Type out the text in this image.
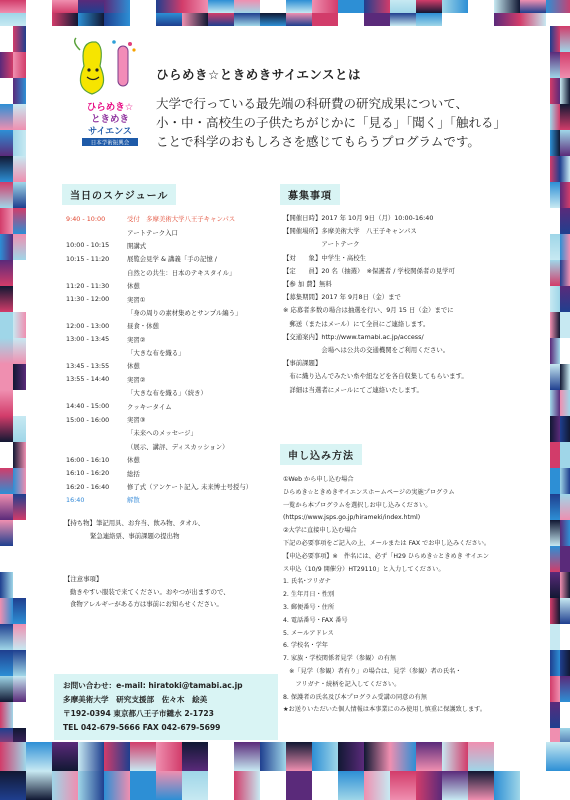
ひらめき☆
ときめき
サイエンス
日本学術振興会
ひらめき☆ときめきサイエンスとは
大学で行っている最先端の科研費の研究成果について、
小・中・高校生の子供たちがじかに「見る」「聞く」「触れる」
ことで科学のおもしろさを感じてもらうプログラムです。
当日のスケジュール
9:40 - 10:00	受付　多摩美術大学八王子キャンパス
アートテーク入口
10:00 - 10:15	開講式
10:15 - 11:20	展覧会見学 & 講義「手の記憶 /
自然との共生：日本のテキスタイル」
11:20 - 11:30	休憩
11:30 - 12:00	実習①
「身の周りの素材集めとサンプル編う」
12:00 - 13:00	昼食・休憩
13:00 - 13:45	実習②
「大きな布を織る」
13:45 - 13:55	休憩
13:55 - 14:40	実習②
「大きな布を織る」（続き）
14:40 - 15:00	クッキータイム
15:00 - 16:00	実習③
「未来へのメッセージ」
（展示、講評、ディスカッション）
16:00 - 16:10	休憩
16:10 - 16:20	総括
16:20 - 16:40	修了式（アンケート記入, 未来博士号授与）
16:40	解散
【持ち物】筆記用具、お弁当、飲み物、タオル、
緊急連絡票、事前課題の提出物
【注意事項】
動きやすい服装で来てください。おやつが出ますので、
食物アレルギーがある方は事前にお知らせください。
お問い合わせ：e-mail: hiratoki@tamabi.ac.jp
多摩美術大学　研究支援部　佐々木　絵美
〒192-0394 東京都八王子市鑓水 2-1723
TEL 042-679-5666 FAX 042-679-5699
募集事項
【開催日時】2017 年 10月 9日（月）10:00-16:40
【開催場所】多摩美術大学　八王子キャンパス
　　　　　　アートテーク
【対　　象】中学生・高校生
【定　　員】20 名（抽選）　※保護者 / 学校関係者の見学可
【参 加 費】無料
【募集期間】2017 年 9月8日（金）まで
※ 応募者多数の場合は抽選を行い、9月 15 日（金）までに
　郵送（またはメール）にて全員にご連絡します。
【交通案内】http://www.tamabi.ac.jp/access/
　　　　　　会場へは公共の交通機関をご利用ください。
【事前課題】
　布に織り込んでみたい糸や紐などを各自収集してもらいます。
　詳細は当選者にメールにてご連絡いたします。
申し込み方法
①Web から申し込む場合
ひらめき☆ときめきサイエンスホームページの実施プログラム
一覧から本プログラムを選択しお申し込みください。
(https://www.jsps.go.jp/hirameki/index.html)
②大学に直接申し込む場合
下記の必要事項をご記入の上、メールまたは FAX でお申し込みください。
【申込必要事項】※　件名には、必ず「H29 ひらめき☆ときめき サイエン
ス申込（10/9 開催分）HT29110」と入力してください。
1. 氏名･フリガナ
2. 生年月日・性別
3. 郵便番号・住所
4. 電話番号・FAX 番号
5. メールアドレス
6. 学校名・学年
7. 家族・学校関係者見学（参観）の有無
　※「見学（参観）者有り」の場合は、見学（参観）者の氏名・
　　フリガナ・続柄を記入してください。
8. 保護者の氏名及び本プログラム受講の同意の有無
★お送りいただいた個人情報は本事業にのみ使用し慎重に保護致します。
